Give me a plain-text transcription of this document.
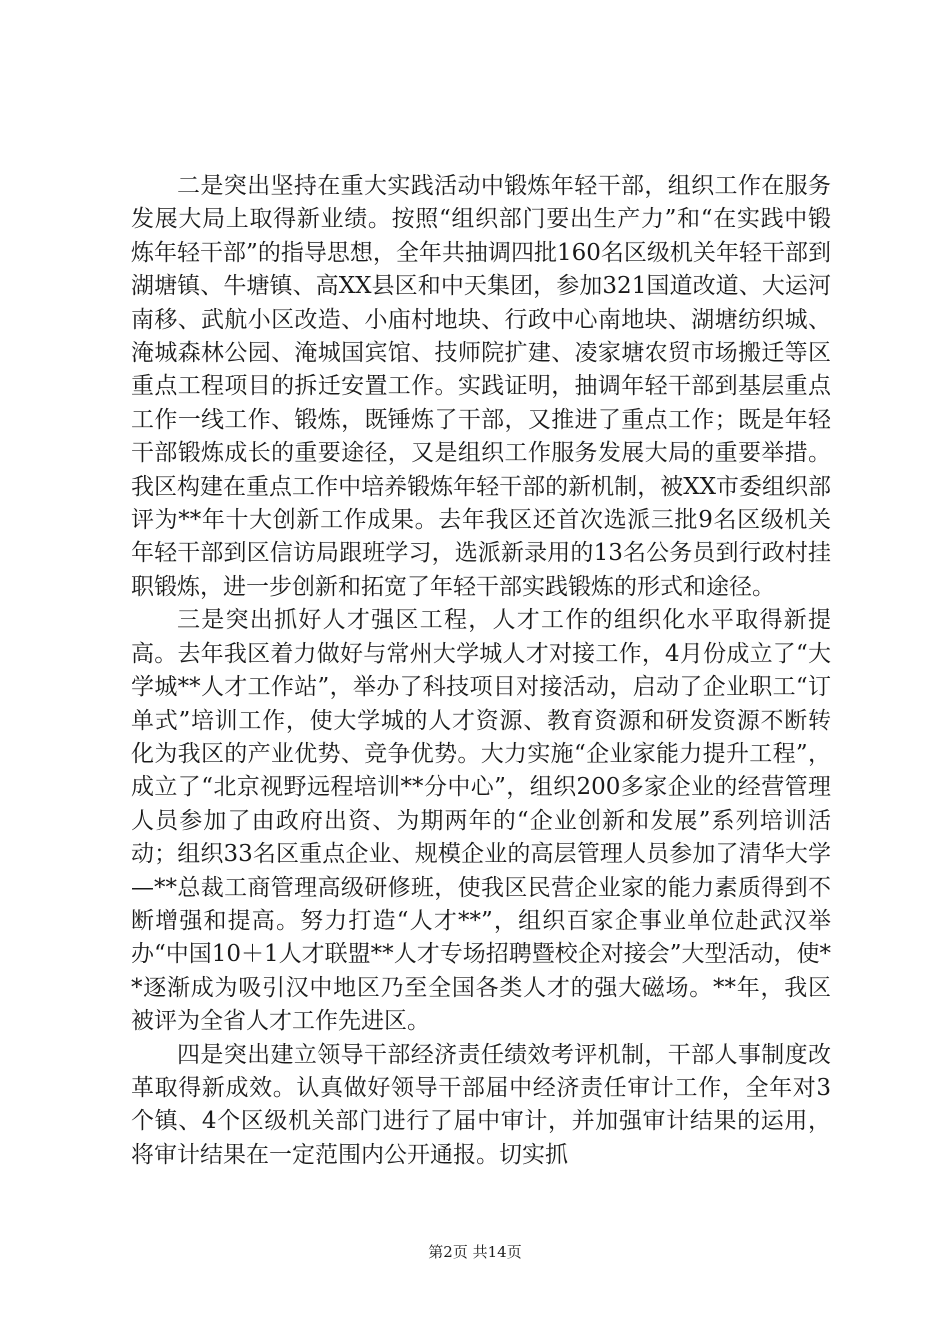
二是突出坚持在重大实践活动中锻炼年轻干部，组织工作在服务发展大局上取得新业绩。按照“组织部门要出生产力”和“在实践中锻炼年轻干部”的指导思想，全年共抽调四批160名区级机关年轻干部到湖塘镇、牛塘镇、高XX县区和中天集团，参加321国道改道、大运河南移、武航小区改造、小庙村地块、行政中心南地块、湖塘纺织城、淹城森林公园、淹城国宾馆、技师院扩建、凌家塘农贸市场搬迁等区重点工程项目的拆迁安置工作。实践证明，抽调年轻干部到基层重点工作一线工作、锻炼，既锤炼了干部，又推进了重点工作；既是年轻干部锻炼成长的重要途径，又是组织工作服务发展大局的重要举措。我区构建在重点工作中培养锻炼年轻干部的新机制，被XX市委组织部评为**年十大创新工作成果。去年我区还首次选派三批9名区级机关年轻干部到区信访局跟班学习，选派新录用的13名公务员到行政村挂职锻炼，进一步创新和拓宽了年轻干部实践锻炼的形式和途径。

三是突出抓好人才强区工程，人才工作的组织化水平取得新提高。去年我区着力做好与常州大学城人才对接工作，4月份成立了“大学城**人才工作站”，举办了科技项目对接活动，启动了企业职工“订单式”培训工作，使大学城的人才资源、教育资源和研发资源不断转化为我区的产业优势、竞争优势。大力实施“企业家能力提升工程”，成立了“北京视野远程培训**分中心”，组织200多家企业的经营管理人员参加了由政府出资、为期两年的“企业创新和发展”系列培训活动；组织33名区重点企业、规模企业的高层管理人员参加了清华大学—**总裁工商管理高级研修班，使我区民营企业家的能力素质得到不断增强和提高。努力打造“人才**”，组织百家企事业单位赴武汉举办“中国10＋1人才联盟**人才专场招聘暨校企对接会”大型活动，使**逐渐成为吸引汉中地区乃至全国各类人才的强大磁场。**年，我区被评为全省人才工作先进区。

四是突出建立领导干部经济责任绩效考评机制，干部人事制度改革取得新成效。认真做好领导干部届中经济责任审计工作，全年对3个镇、4个区级机关部门进行了届中审计，并加强审计结果的运用，将审计结果在一定范围内公开通报。切实抓

第2页 共14页
